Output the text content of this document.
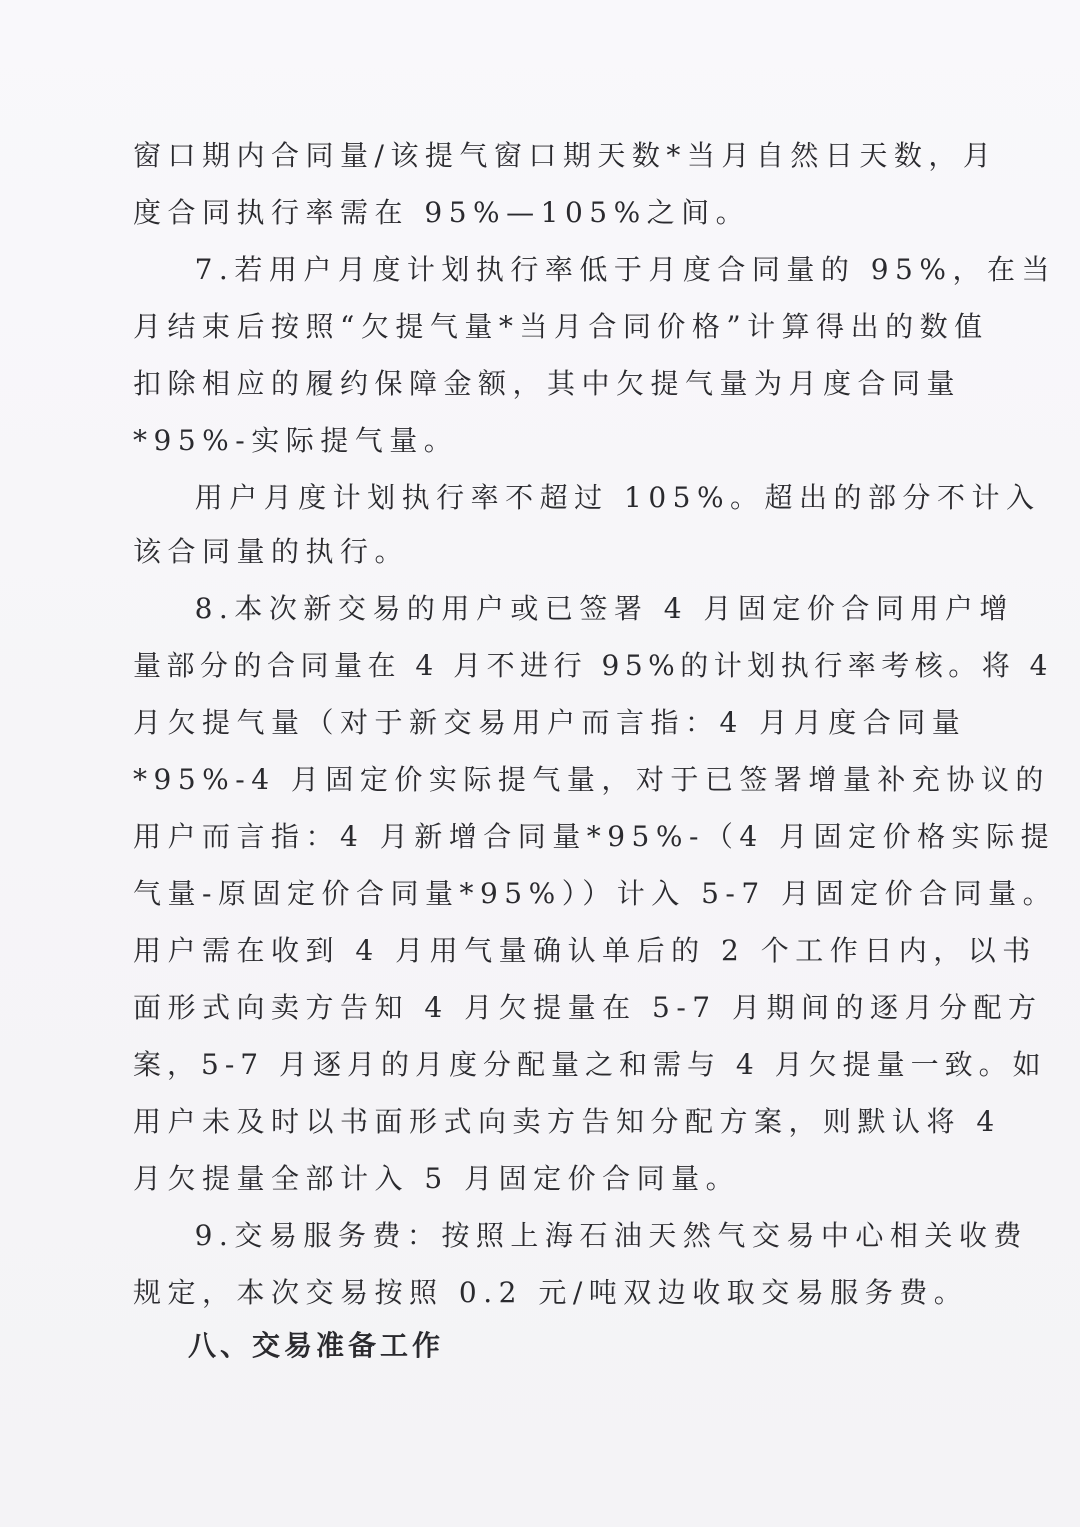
窗口期内合同量/该提气窗口期天数*当月自然日天数，月
度合同执行率需在 95%—105%之间。
7.若用户月度计划执行率低于月度合同量的 95%，在当
月结束后按照“欠提气量*当月合同价格”计算得出的数值
扣除相应的履约保障金额，其中欠提气量为月度合同量
*95%-实际提气量。
用户月度计划执行率不超过 105%。超出的部分不计入
该合同量的执行。
8.本次新交易的用户或已签署 4 月固定价合同用户增
量部分的合同量在 4 月不进行 95%的计划执行率考核。将 4
月欠提气量（对于新交易用户而言指：4 月月度合同量
*95%-4 月固定价实际提气量，对于已签署增量补充协议的
用户而言指：4 月新增合同量*95%-（4 月固定价格实际提
气量-原固定价合同量*95%））计入 5-7 月固定价合同量。
用户需在收到 4 月用气量确认单后的 2 个工作日内，以书
面形式向卖方告知 4 月欠提量在 5-7 月期间的逐月分配方
案，5-7 月逐月的月度分配量之和需与 4 月欠提量一致。如
用户未及时以书面形式向卖方告知分配方案，则默认将 4
月欠提量全部计入 5 月固定价合同量。
9.交易服务费：按照上海石油天然气交易中心相关收费
规定，本次交易按照 0.2 元/吨双边收取交易服务费。
八、交易准备工作
